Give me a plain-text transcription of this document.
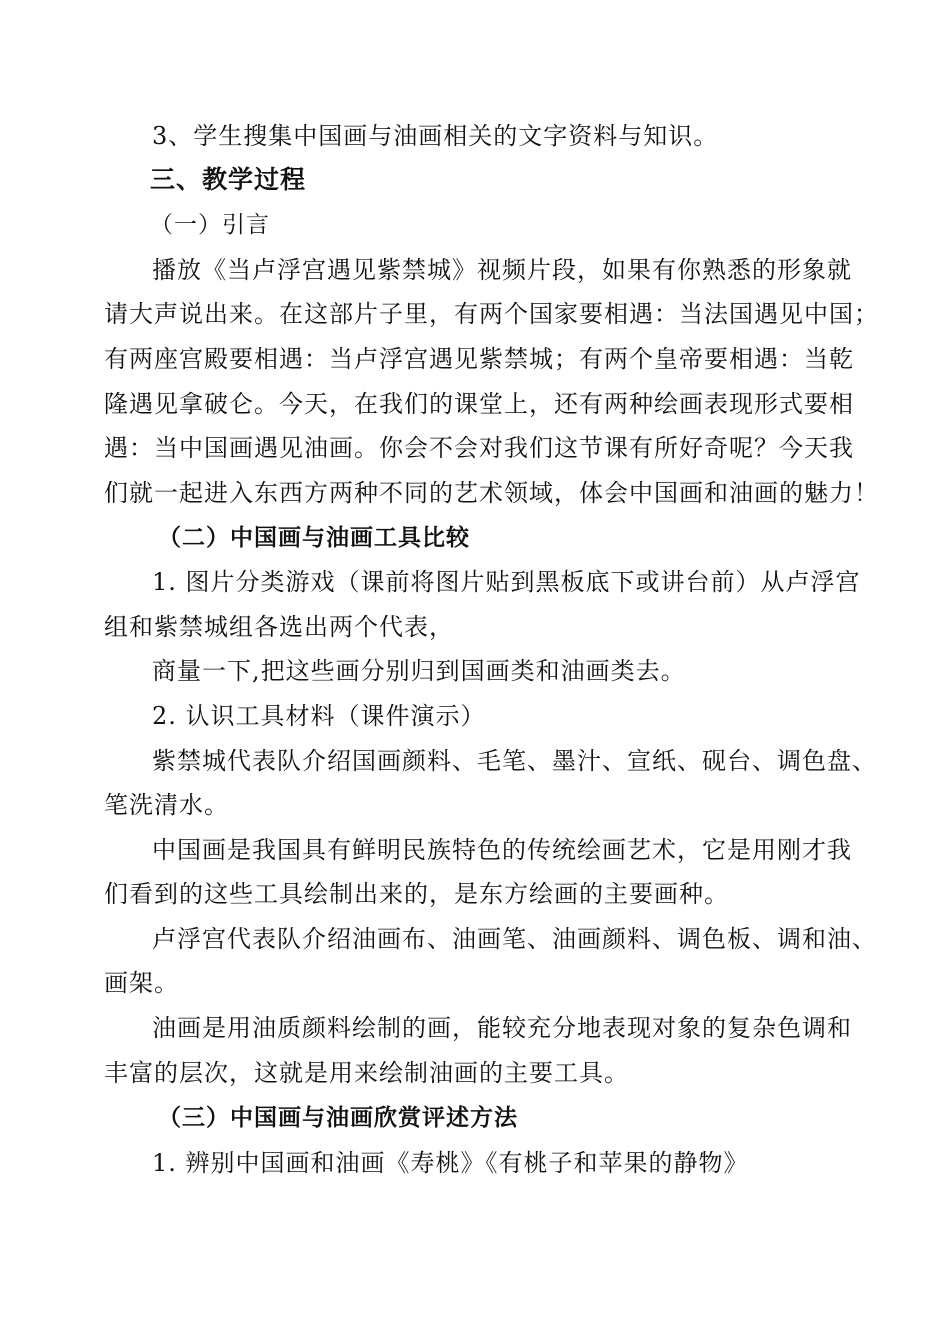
3、学生搜集中国画与油画相关的文字资料与知识。
三、教学过程
（一）引言
播放《当卢浮宫遇见紫禁城》视频片段，如果有你熟悉的形象就
请大声说出来。在这部片子里，有两个国家要相遇：当法国遇见中国；
有两座宫殿要相遇：当卢浮宫遇见紫禁城；有两个皇帝要相遇：当乾
隆遇见拿破仑。今天，在我们的课堂上，还有两种绘画表现形式要相
遇：当中国画遇见油画。你会不会对我们这节课有所好奇呢？今天我
们就一起进入东西方两种不同的艺术领域，体会中国画和油画的魅力！
（二）中国画与油画工具比较
1. 图片分类游戏（课前将图片贴到黑板底下或讲台前）从卢浮宫
组和紫禁城组各选出两个代表，
商量一下,把这些画分别归到国画类和油画类去。
2. 认识工具材料（课件演示）
紫禁城代表队介绍国画颜料、毛笔、墨汁、宣纸、砚台、调色盘、
笔洗清水。
中国画是我国具有鲜明民族特色的传统绘画艺术，它是用刚才我
们看到的这些工具绘制出来的，是东方绘画的主要画种。
卢浮宫代表队介绍油画布、油画笔、油画颜料、调色板、调和油、
画架。
油画是用油质颜料绘制的画，能较充分地表现对象的复杂色调和
丰富的层次，这就是用来绘制油画的主要工具。
（三）中国画与油画欣赏评述方法
1. 辨别中国画和油画《寿桃》《有桃子和苹果的静物》
